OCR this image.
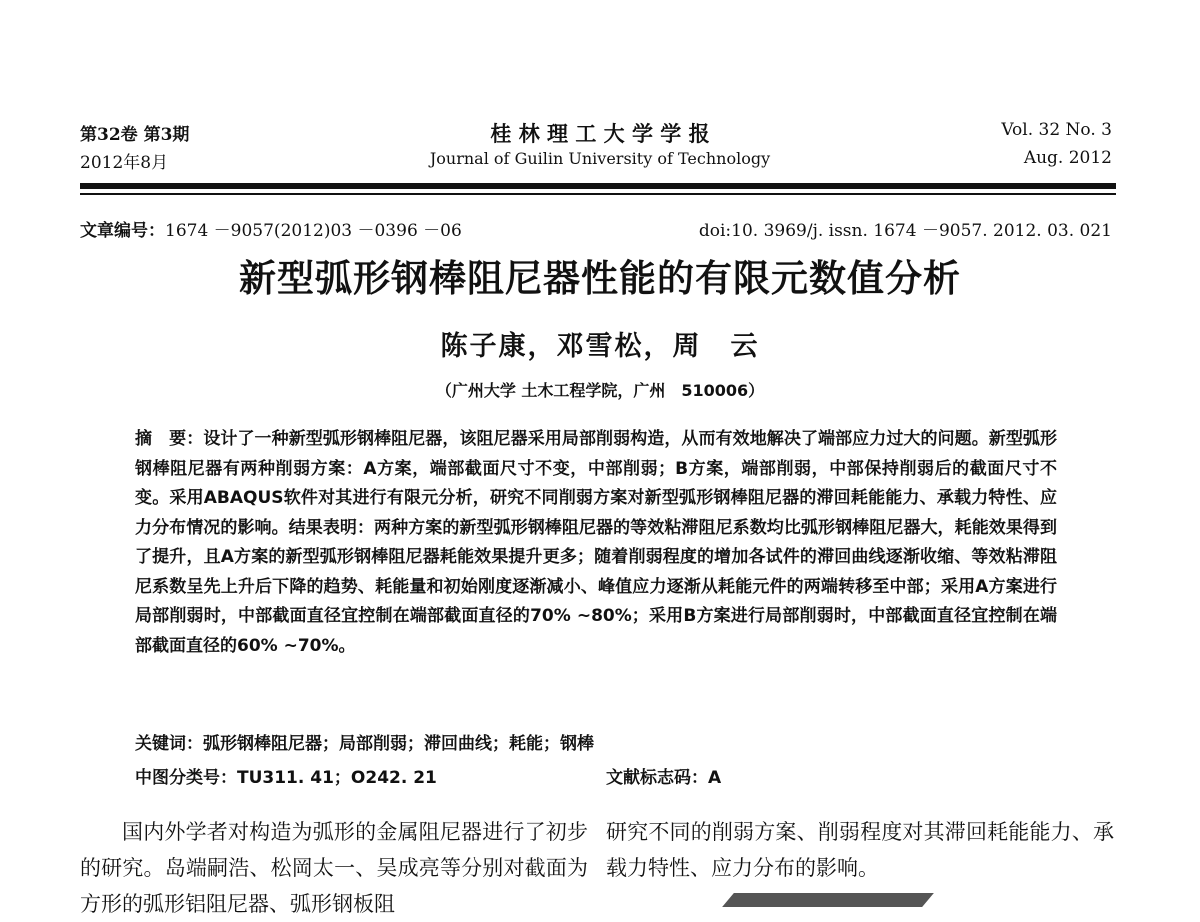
第32卷 第3期
2012年8月
桂 林 理 工 大 学 学 报
Journal of Guilin University of Technology
Vol. 32 No. 3
Aug. 2012
文章编号：1674 －9057(2012)03 －0396 －06	doi:10. 3969/j. issn. 1674 －9057. 2012. 03. 021
新型弧形钢棒阻尼器性能的有限元数值分析
陈子康，邓雪松，周　云
（广州大学 土木工程学院，广州　510006）
摘　要：设计了一种新型弧形钢棒阻尼器，该阻尼器采用局部削弱构造，从而有效地解决了端部应力过大的问题。新型弧形钢棒阻尼器有两种削弱方案：A方案，端部截面尺寸不变，中部削弱；B方案，端部削弱，中部保持削弱后的截面尺寸不变。采用ABAQUS软件对其进行有限元分析，研究不同削弱方案对新型弧形钢棒阻尼器的滞回耗能能力、承载力特性、应力分布情况的影响。结果表明：两种方案的新型弧形钢棒阻尼器的等效粘滞阻尼系数均比弧形钢棒阻尼器大，耗能效果得到了提升，且A方案的新型弧形钢棒阻尼器耗能效果提升更多；随着削弱程度的增加各试件的滞回曲线逐渐收缩、等效粘滞阻尼系数呈先上升后下降的趋势、耗能量和初始刚度逐渐减小、峰值应力逐渐从耗能元件的两端转移至中部；采用A方案进行局部削弱时，中部截面直径宜控制在端部截面直径的70% ~80%；采用B方案进行局部削弱时，中部截面直径宜控制在端部截面直径的60% ~70%。
关键词：弧形钢棒阻尼器；局部削弱；滞回曲线；耗能；钢棒
中图分类号：TU311. 41；O242. 21	文献标志码：A
国内外学者对构造为弧形的金属阻尼器进行了初步的研究。岛端嗣浩、松岡太一、吴成亮等分别对截面为方形的弧形铝阻尼器、弧形钢板阻
研究不同的削弱方案、削弱程度对其滞回耗能能力、承载力特性、应力分布的影响。
